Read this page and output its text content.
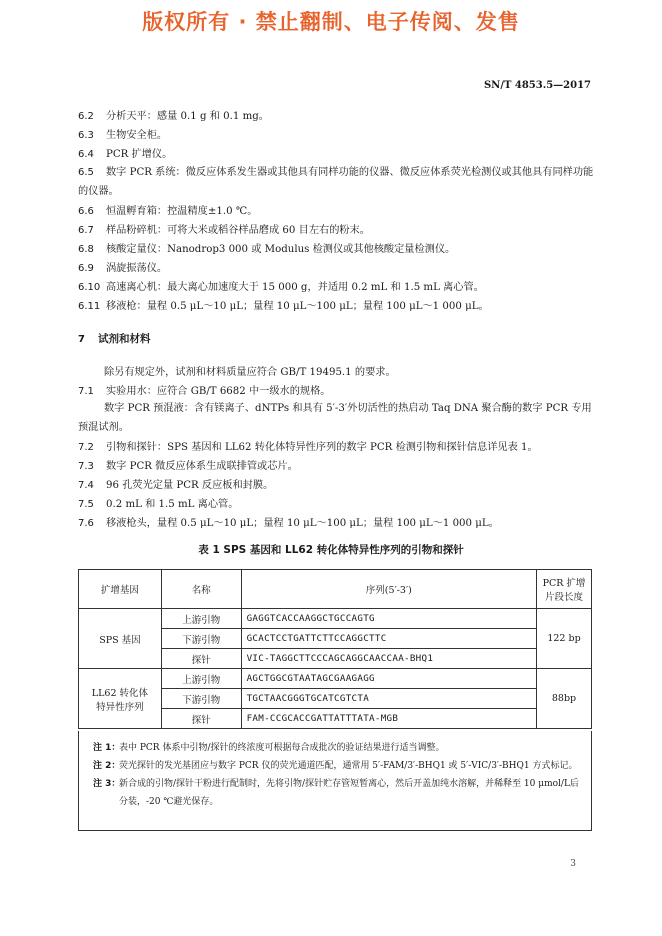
版权所有 · 禁止翻制、电子传阅、发售
SN/T 4853.5—2017
6.2 分析天平：感量 0.1 g 和 0.1 mg。
6.3 生物安全柜。
6.4 PCR 扩增仪。
6.5 数字 PCR 系统：微反应体系发生器或其他具有同样功能的仪器、微反应体系荧光检测仪或其他具有同样功能的仪器。
6.6 恒温孵育箱：控温精度±1.0 ℃。
6.7 样品粉碎机：可将大米或稻谷样品磨成 60 目左右的粉末。
6.8 核酸定量仪：Nanodrop3 000 或 Modulus 检测仪或其他核酸定量检测仪。
6.9 涡旋振荡仪。
6.10 高速离心机：最大离心加速度大于 15 000 g，并适用 0.2 mL 和 1.5 mL 离心管。
6.11 移液枪：量程 0.5 μL～10 μL；量程 10 μL～100 μL；量程 100 μL～1 000 μL。
7 试剂和材料
除另有规定外，试剂和材料质量应符合 GB/T 19495.1 的要求。
7.1 实验用水：应符合 GB/T 6682 中一级水的规格。
数字 PCR 预混液：含有镁离子、dNTPs 和具有 5′-3′外切活性的热启动 Taq DNA 聚合酶的数字 PCR 专用预混试剂。
7.2 引物和探针：SPS 基因和 LL62 转化体特异性序列的数字 PCR 检测引物和探针信息详见表 1。
7.3 数字 PCR 微反应体系生成联排管或芯片。
7.4 96 孔荧光定量 PCR 反应板和封膜。
7.5 0.2 mL 和 1.5 mL 离心管。
7.6 移液枪头，量程 0.5 μL～10 μL；量程 10 μL～100 μL；量程 100 μL～1 000 μL。
表 1 SPS 基因和 LL62 转化体特异性序列的引物和探针
扩增基因	名称	序列(5′-3′)	PCR 扩增
片段长度
SPS 基因	上游引物	GAGGTCACCAAGGCTGCCAGTG	122 bp
	下游引物	GCACTCCTGATTCTTCCAGGCTTC	
	探针	VIC-TAGGCTTCCCAGCAGGCAACCAA-BHQ1	
LL62 转化体
特异性序列	上游引物	AGCTGGCGTAATAGCGAAGAGG	88bp
	下游引物	TGCTAACGGGTGCATCGTCTA	
	探针	FAM-CCGCACCGATTATTTATA-MGB	
注 1：
表中 PCR 体系中引物/探针的终浓度可根据每合成批次的验证结果进行适当调整。
注 2：
荧光探针的发光基团应与数字 PCR 仪的荧光通道匹配，通常用 5′-FAM/3′-BHQ1 或 5′-VIC/3′-BHQ1 方式标记。
注 3：
新合成的引物/探针干粉进行配制时，先将引物/探针贮存管短暂离心，然后开盖加纯水溶解，并稀释至 10 μmol/L后分装，-20 ℃避光保存。
3
